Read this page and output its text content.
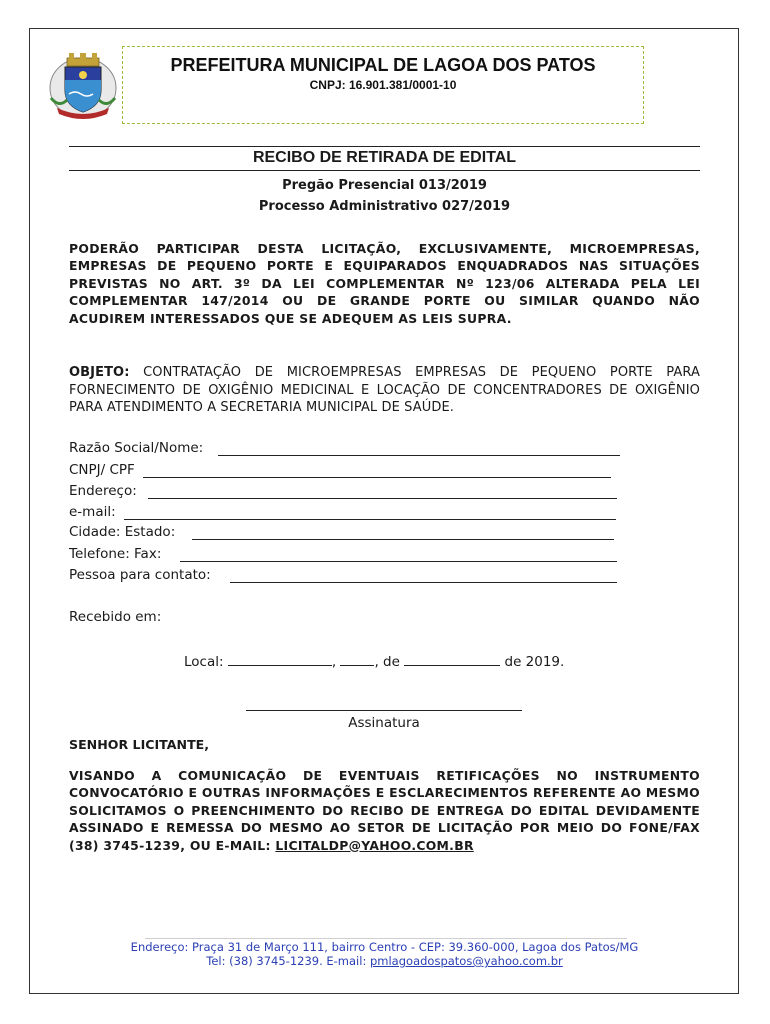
PREFEITURA MUNICIPAL DE LAGOA DOS PATOS
CNPJ: 16.901.381/0001-10
RECIBO DE RETIRADA DE EDITAL
Pregão Presencial 013/2019
Processo Administrativo 027/2019
PODERÃO PARTICIPAR DESTA LICITAÇÃO, EXCLUSIVAMENTE, MICROEMPRESAS, EMPRESAS DE PEQUENO PORTE E EQUIPARADOS ENQUADRADOS NAS SITUAÇÕES PREVISTAS NO ART. 3º DA LEI COMPLEMENTAR Nº 123/06 ALTERADA PELA LEI COMPLEMENTAR 147/2014 OU DE GRANDE PORTE OU SIMILAR QUANDO NÃO ACUDIREM INTERESSADOS QUE SE ADEQUEM AS LEIS SUPRA.
OBJETO: CONTRATAÇÃO DE MICROEMPRESAS EMPRESAS DE PEQUENO PORTE PARA FORNECIMENTO DE OXIGÊNIO MEDICINAL E LOCAÇÃO DE CONCENTRADORES DE OXIGÊNIO PARA ATENDIMENTO A SECRETARIA MUNICIPAL DE SAÚDE.
Razão Social/Nome:
CNPJ/ CPF
Endereço:
e-mail:
Cidade: Estado:
Telefone: Fax:
Pessoa para contato:
Recebido em:
Local:	,	, de	de 2019.
Assinatura
SENHOR LICITANTE,
VISANDO A COMUNICAÇÃO DE EVENTUAIS RETIFICAÇÕES NO INSTRUMENTO CONVOCATÓRIO E OUTRAS INFORMAÇÕES E ESCLARECIMENTOS REFERENTE AO MESMO SOLICITAMOS O PREENCHIMENTO DO RECIBO DE ENTREGA DO EDITAL DEVIDAMENTE ASSINADO E REMESSA DO MESMO AO SETOR DE LICITAÇÃO POR MEIO DO FONE/FAX (38) 3745-1239, OU E-MAIL: LICITALDP@YAHOO.COM.BR
Endereço: Praça 31 de Março 111, bairro Centro - CEP: 39.360-000, Lagoa dos Patos/MG
Tel: (38) 3745-1239. E-mail: pmlagoadospatos@yahoo.com.br
